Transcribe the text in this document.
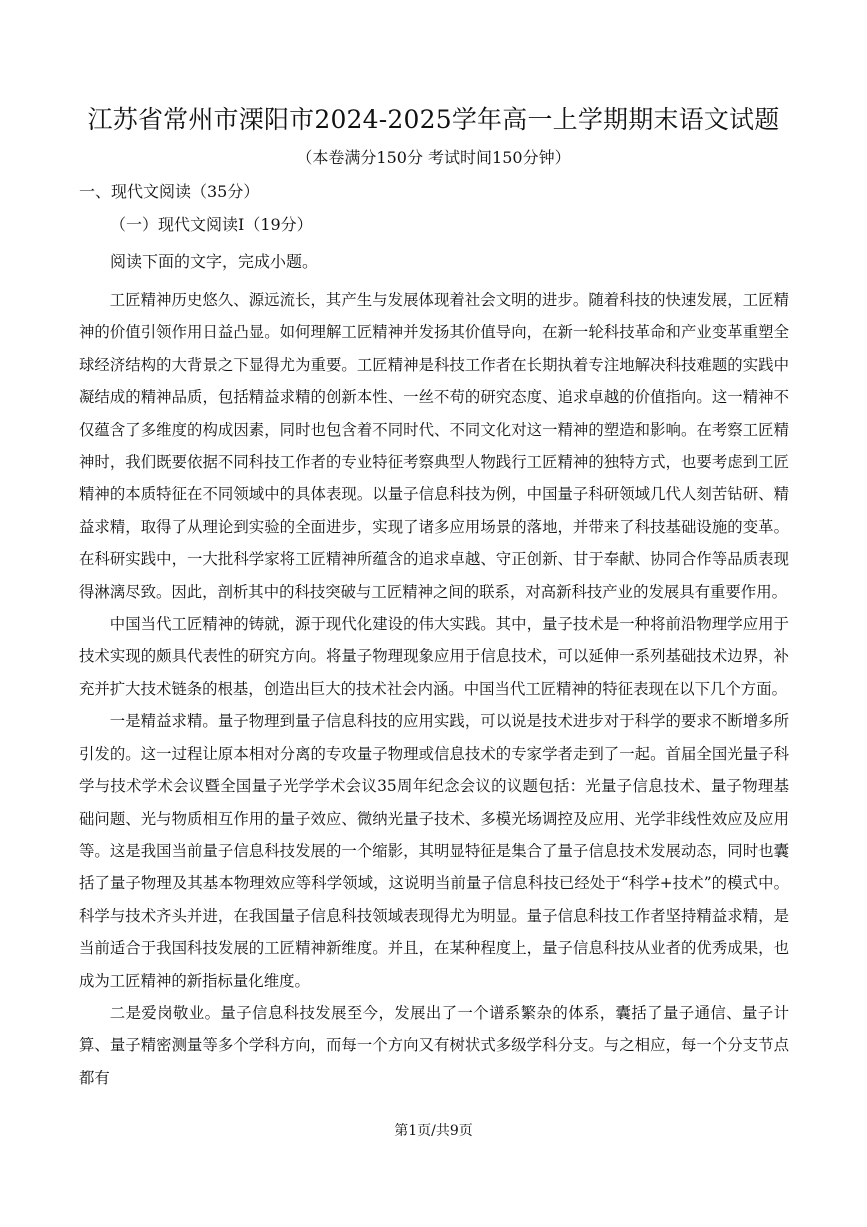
江苏省常州市溧阳市2024-2025学年高一上学期期末语文试题
（本卷满分150分 考试时间150分钟）
一、现代文阅读（35分）
（一）现代文阅读Ⅰ（19分）
阅读下面的文字，完成小题。

工匠精神历史悠久、源远流长，其产生与发展体现着社会文明的进步。随着科技的快速发展，工匠精神的价值引领作用日益凸显。如何理解工匠精神并发扬其价值导向，在新一轮科技革命和产业变革重塑全球经济结构的大背景之下显得尤为重要。工匠精神是科技工作者在长期执着专注地解决科技难题的实践中凝结成的精神品质，包括精益求精的创新本性、一丝不苟的研究态度、追求卓越的价值指向。这一精神不仅蕴含了多维度的构成因素，同时也包含着不同时代、不同文化对这一精神的塑造和影响。在考察工匠精神时，我们既要依据不同科技工作者的专业特征考察典型人物践行工匠精神的独特方式，也要考虑到工匠精神的本质特征在不同领域中的具体表现。以量子信息科技为例，中国量子科研领域几代人刻苦钻研、精益求精，取得了从理论到实验的全面进步，实现了诸多应用场景的落地，并带来了科技基础设施的变革。在科研实践中，一大批科学家将工匠精神所蕴含的追求卓越、守正创新、甘于奉献、协同合作等品质表现得淋漓尽致。因此，剖析其中的科技突破与工匠精神之间的联系，对高新科技产业的发展具有重要作用。

中国当代工匠精神的铸就，源于现代化建设的伟大实践。其中，量子技术是一种将前沿物理学应用于技术实现的颇具代表性的研究方向。将量子物理现象应用于信息技术，可以延伸一系列基础技术边界，补充并扩大技术链条的根基，创造出巨大的技术社会内涵。中国当代工匠精神的特征表现在以下几个方面。

一是精益求精。量子物理到量子信息科技的应用实践，可以说是技术进步对于科学的要求不断增多所引发的。这一过程让原本相对分离的专攻量子物理或信息技术的专家学者走到了一起。首届全国光量子科学与技术学术会议暨全国量子光学学术会议35周年纪念会议的议题包括：光量子信息技术、量子物理基础问题、光与物质相互作用的量子效应、微纳光量子技术、多模光场调控及应用、光学非线性效应及应用等。这是我国当前量子信息科技发展的一个缩影，其明显特征是集合了量子信息技术发展动态，同时也囊括了量子物理及其基本物理效应等科学领域，这说明当前量子信息科技已经处于“科学+技术”的模式中。科学与技术齐头并进，在我国量子信息科技领域表现得尤为明显。量子信息科技工作者坚持精益求精，是当前适合于我国科技发展的工匠精神新维度。并且，在某种程度上，量子信息科技从业者的优秀成果，也成为工匠精神的新指标量化维度。

二是爱岗敬业。量子信息科技发展至今，发展出了一个谱系繁杂的体系，囊括了量子通信、量子计算、量子精密测量等多个学科方向，而每一个方向又有树状式多级学科分支。与之相应，每一个分支节点都有

第1页/共9页
